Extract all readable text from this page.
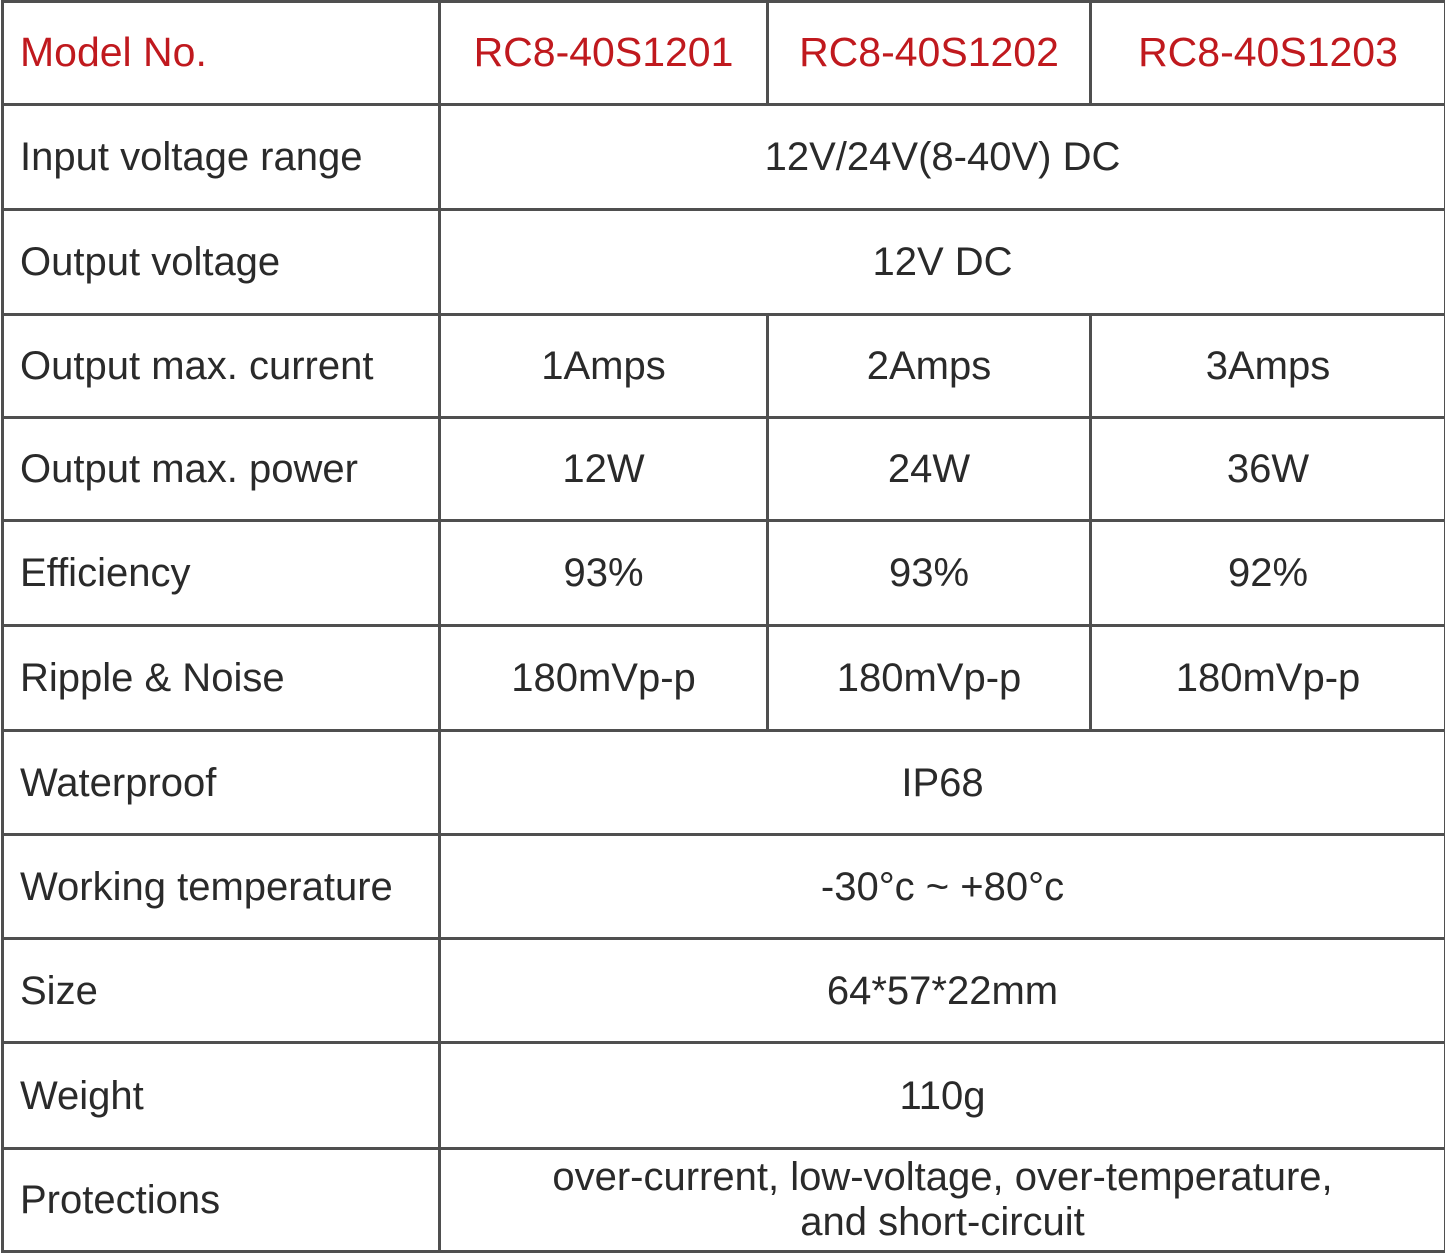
Model No.	RC8-40S1201	RC8-40S1202	RC8-40S1203
Input voltage range	12V/24V(8-40V) DC		
Output voltage	12V DC		
Output max. current	1Amps	2Amps	3Amps
Output max. power	12W	24W	36W
Efficiency	93%	93%	92%
Ripple & Noise	180mVp-p	180mVp-p	180mVp-p
Waterproof	IP68		
Working temperature	-30°c ~ +80°c		
Size	64*57*22mm		
Weight	110g		
Protections	over-current, low-voltage, over-temperature,
and short-circuit		
